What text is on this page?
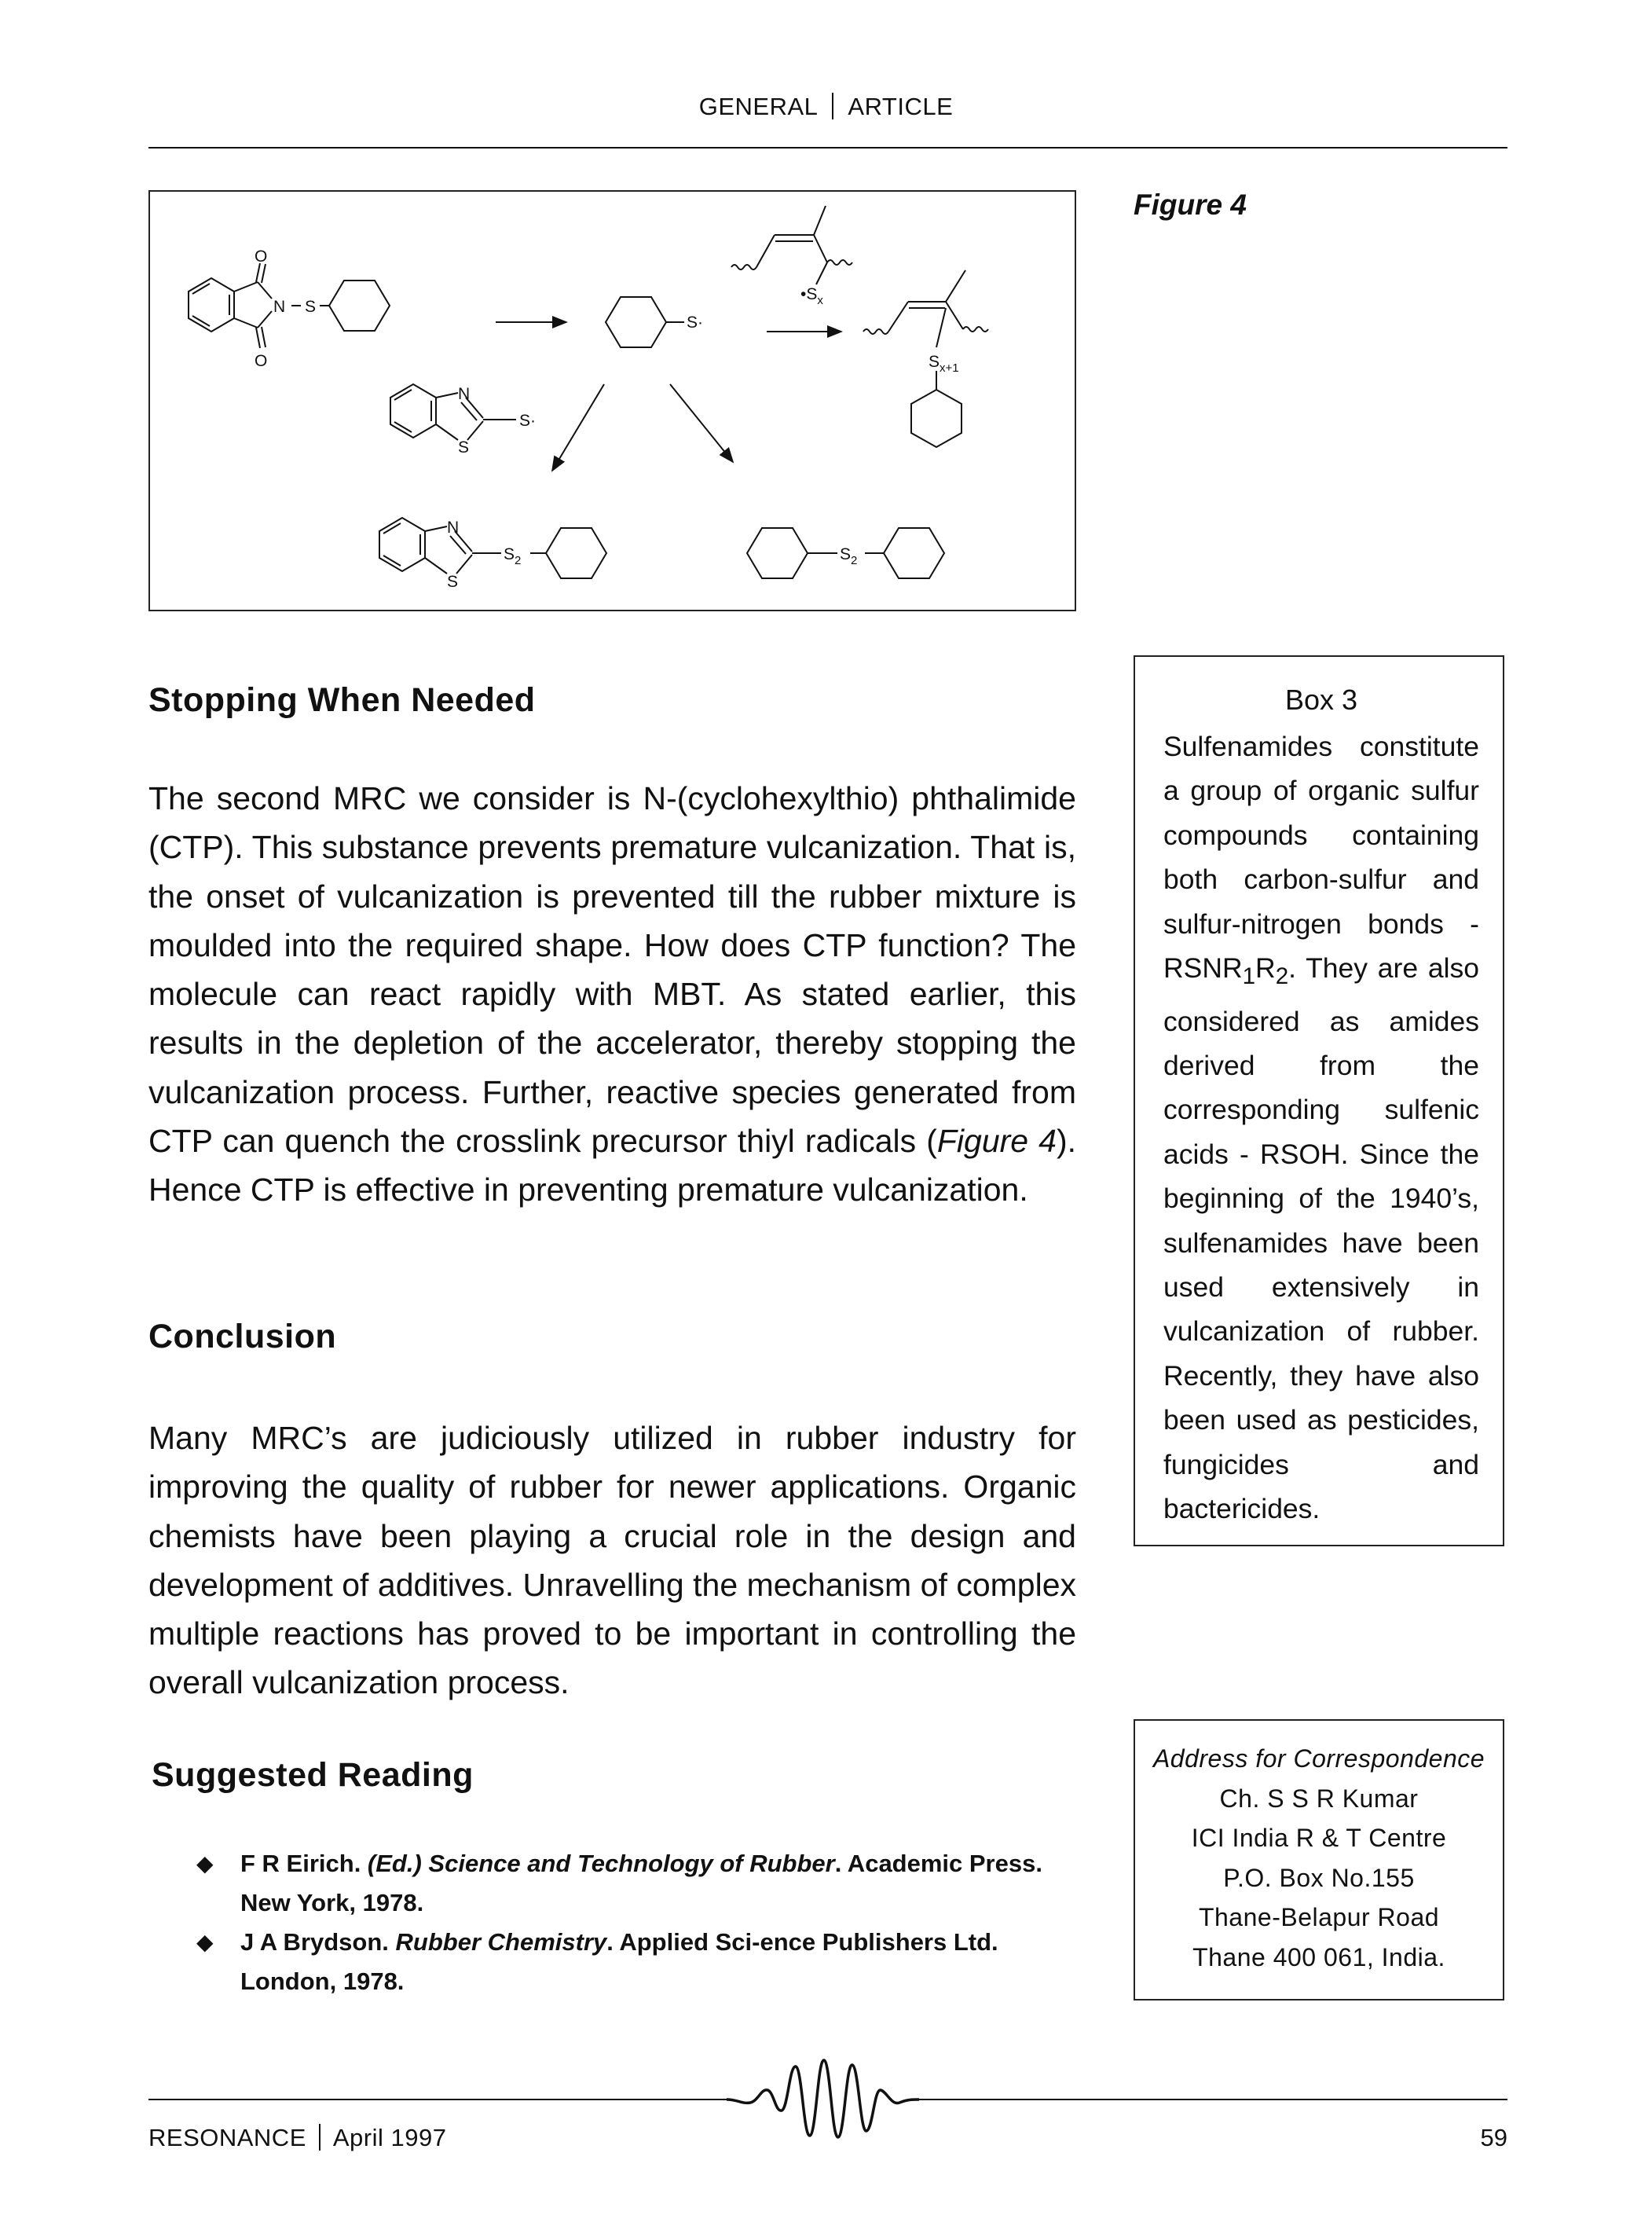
GENERAL ARTICLE
O
O
N S
S·
$•S_x$
$S_{x+1}$
N
S
S·
N
S
$S_2$	$S_2$
Figure 4
Stopping When Needed

The second MRC we consider is N-(cyclohexylthio) phthalimide (CTP). This substance prevents premature vulcanization. That is, the onset of vulcanization is prevented till the rubber mixture is moulded into the required shape. How does CTP function? The molecule can react rapidly with MBT. As stated earlier, this results in the depletion of the accelerator, thereby stopping the vulcanization process. Further, reactive species generated from CTP can quench the crosslink precursor thiyl radicals (Figure 4). Hence CTP is effective in preventing premature vulcanization.

Conclusion

Many MRC’s are judiciously utilized in rubber industry for improving the quality of rubber for newer applications. Organic chemists have been playing a crucial role in the design and development of additives. Unravelling the mechanism of complex multiple reactions has proved to be important in controlling the overall vulcanization process.

Suggested Reading
◆ F R Eirich. (Ed.) Science and Technology of Rubber. Academic Press. New York, 1978.
◆ J A Brydson. Rubber Chemistry. Applied Sci-ence Publishers Ltd. London, 1978.
Box 3

Sulfenamides constitute a group of organic sulfur compounds containing both carbon-sulfur and sulfur-nitrogen bonds - $RSNR_1R_2$. They are also considered as amides derived from the corresponding sulfenic acids - RSOH. Since the beginning of the 1940’s, sulfenamides have been used extensively in vulcanization of rubber. Recently, they have also been used as pesticides, fungicides and bactericides.

Address for Correspondence
Ch. S S R Kumar
ICI India R & T Centre
P.O. Box No.155
Thane-Belapur Road
Thane 400 061, India.
RESONANCE April 1997	59
